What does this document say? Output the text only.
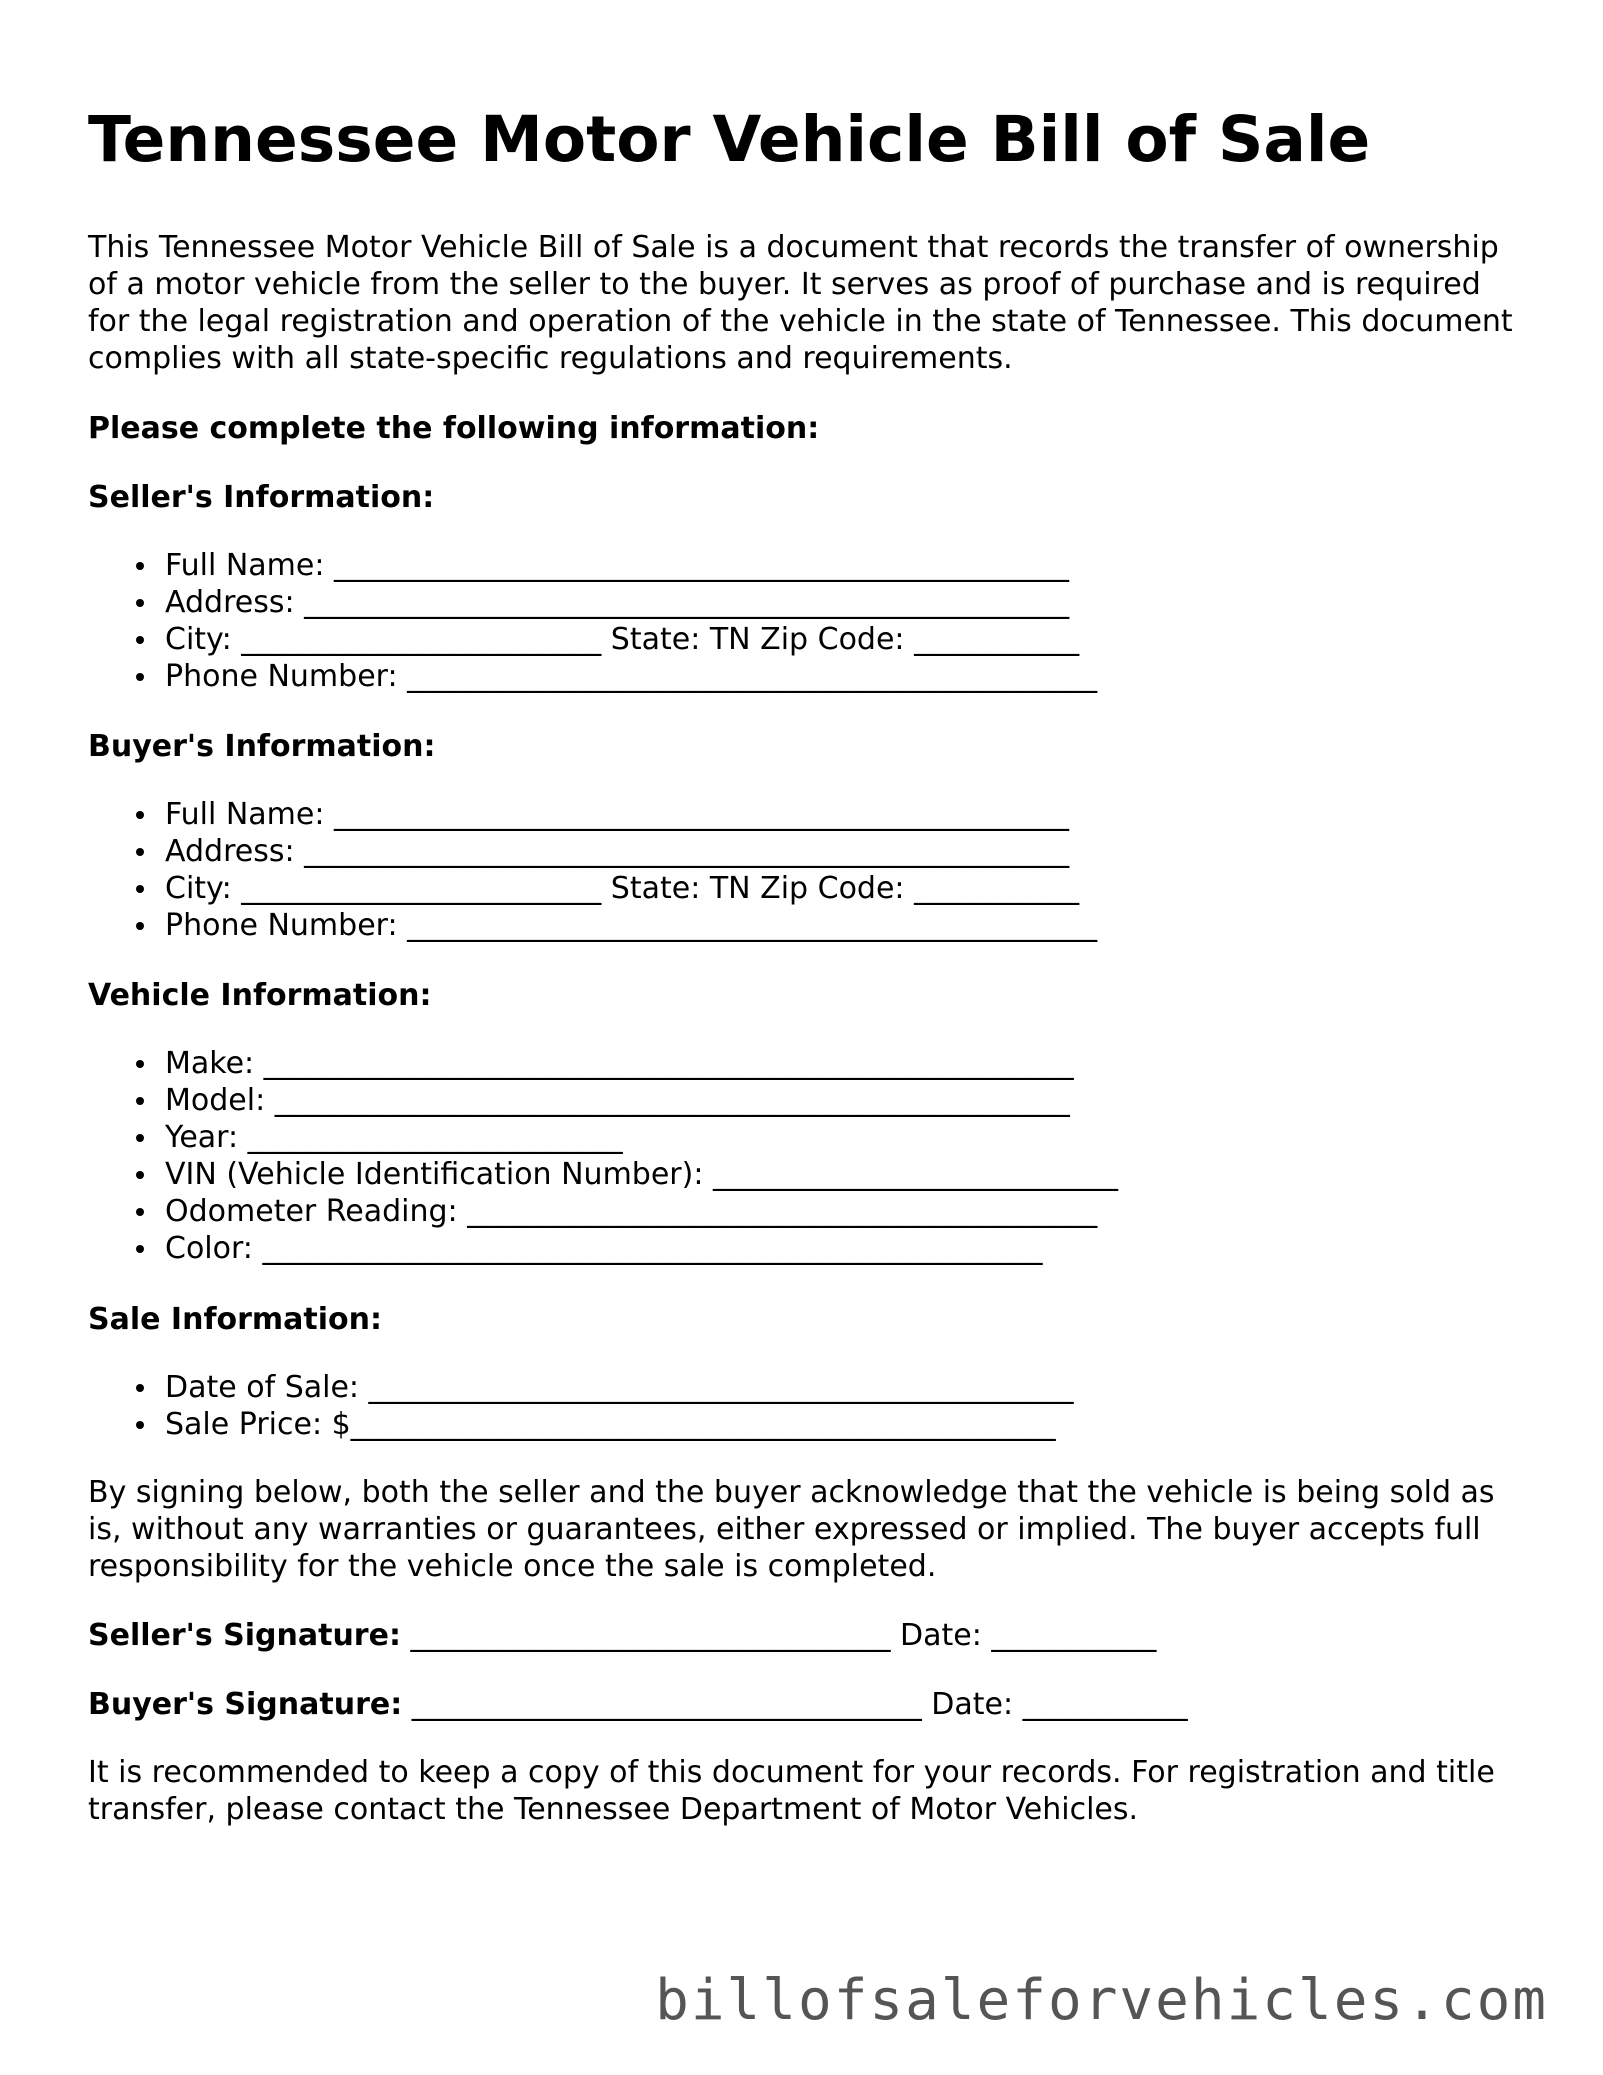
Tennessee Motor Vehicle Bill of Sale

This Tennessee Motor Vehicle Bill of Sale is a document that records the transfer of ownership of a motor vehicle from the seller to the buyer. It serves as proof of purchase and is required for the legal registration and operation of the vehicle in the state of Tennessee. This document complies with all state-specific regulations and requirements.

Please complete the following information:

Seller's Information:

Full Name: _________________________________________________
Address: ___________________________________________________
City: ________________________ State: TN Zip Code: ___________
Phone Number: ______________________________________________

Buyer's Information:

Full Name: _________________________________________________
Address: ___________________________________________________
City: ________________________ State: TN Zip Code: ___________
Phone Number: ______________________________________________

Vehicle Information:

Make: ______________________________________________________
Model: _____________________________________________________
Year: _________________________
VIN (Vehicle Identification Number): ___________________________
Odometer Reading: __________________________________________
Color: ____________________________________________________

Sale Information:

Date of Sale: _______________________________________________
Sale Price: $_______________________________________________

By signing below, both the seller and the buyer acknowledge that the vehicle is being sold as is, without any warranties or guarantees, either expressed or implied. The buyer accepts full responsibility for the vehicle once the sale is completed.

Seller's Signature: ________________________________ Date: ___________

Buyer's Signature: __________________________________ Date: ___________

It is recommended to keep a copy of this document for your records. For registration and title transfer, please contact the Tennessee Department of Motor Vehicles.

billofsaleforvehicles.com
